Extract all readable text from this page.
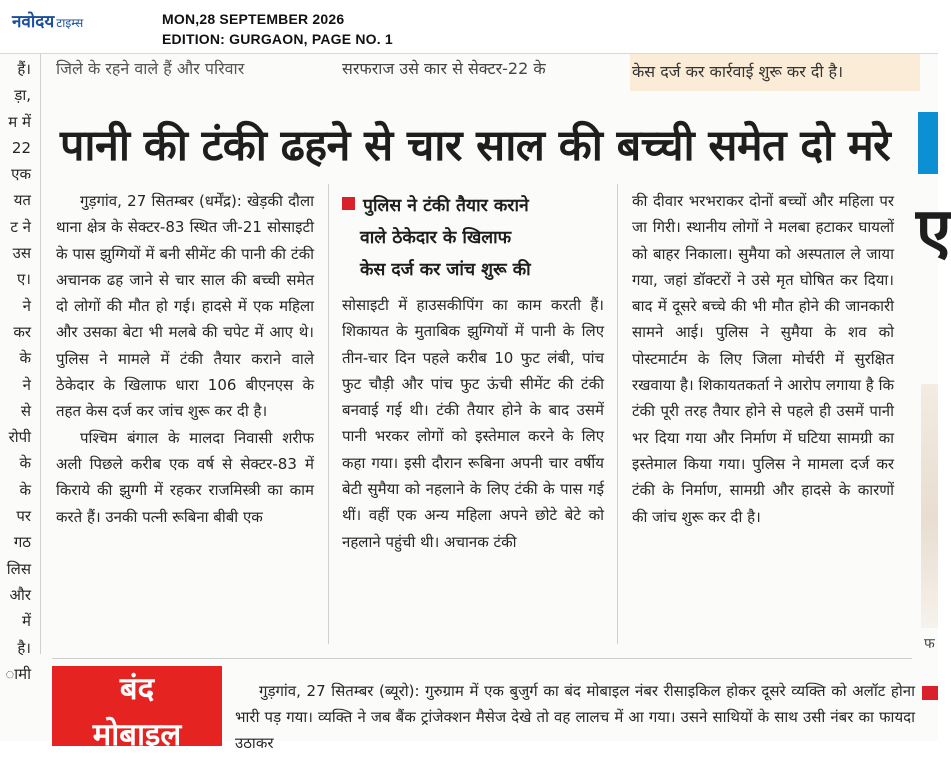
नवोदय टाइम्स	MON,28 SEPTEMBER 2026
EDITION: GURGAON, PAGE NO. 1
हैं।
ड़ा,
म में
22
एक
यत
ट ने
उस
ए।
ने
कर
के
ने
से
रोपी
के
के
पर
गठ
लिस
और
में
है।
ामी
जिले के रहने वाले हैं और परिवार	सरफराज उसे कार से सेक्टर-22 के	केस दर्ज कर कार्रवाई शुरू कर दी है।
पानी की टंकी ढहने से चार साल की बच्ची समेत दो मरे

गुड़गांव, 27 सितम्बर (धर्मेंद्र): खेड़की दौला थाना क्षेत्र के सेक्टर-83 स्थित जी-21 सोसाइटी के पास झुग्गियों में बनी सीमेंट की पानी की टंकी अचानक ढह जाने से चार साल की बच्ची समेत दो लोगों की मौत हो गई। हादसे में एक महिला और उसका बेटा भी मलबे की चपेट में आए थे। पुलिस ने मामले में टंकी तैयार कराने वाले ठेकेदार के खिलाफ धारा 106 बीएनएस के तहत केस दर्ज कर जांच शुरू कर दी है।

पश्चिम बंगाल के मालदा निवासी शरीफ अली पिछले करीब एक वर्ष से सेक्टर-83 में किराये की झुग्गी में रहकर राजमिस्त्री का काम करते हैं। उनकी पत्नी रूबिना बीबी एक

पुलिस ने टंकी तैयार कराने
वाले ठेकेदार के खिलाफ
केस दर्ज कर जांच शुरू की

सोसाइटी में हाउसकीपिंग का काम करती हैं। शिकायत के मुताबिक झुग्गियों में पानी के लिए तीन-चार दिन पहले करीब 10 फुट लंबी, पांच फुट चौड़ी और पांच फुट ऊंची सीमेंट की टंकी बनवाई गई थी। टंकी तैयार होने के बाद उसमें पानी भरकर लोगों को इस्तेमाल करने के लिए कहा गया। इसी दौरान रूबिना अपनी चार वर्षीय बेटी सुमैया को नहलाने के लिए टंकी के पास गई थीं। वहीं एक अन्य महिला अपने छोटे बेटे को नहलाने पहुंची थी। अचानक टंकी

की दीवार भरभराकर दोनों बच्चों और महिला पर जा गिरी। स्थानीय लोगों ने मलबा हटाकर घायलों को बाहर निकाला। सुमैया को अस्पताल ले जाया गया, जहां डॉक्टरों ने उसे मृत घोषित कर दिया। बाद में दूसरे बच्चे की भी मौत होने की जानकारी सामने आई। पुलिस ने सुमैया के शव को पोस्टमार्टम के लिए जिला मोर्चरी में सुरक्षित रखवाया है। शिकायतकर्ता ने आरोप लगाया है कि टंकी पूरी तरह तैयार होने से पहले ही उसमें पानी भर दिया गया और निर्माण में घटिया सामग्री का इस्तेमाल किया गया। पुलिस ने मामला दर्ज कर टंकी के निर्माण, सामग्री और हादसे के कारणों की जांच शुरू कर दी है।

ए
फ
बंद
मोबाइल

गुड़गांव, 27 सितम्बर (ब्यूरो): गुरुग्राम में एक बुजुर्ग का बंद मोबाइल नंबर रीसाइकिल होकर दूसरे व्यक्ति को अलॉट होना भारी पड़ गया। व्यक्ति ने जब बैंक ट्रांजेक्शन मैसेज देखे तो वह लालच में आ गया। उसने साथियों के साथ उसी नंबर का फायदा उठाकर
